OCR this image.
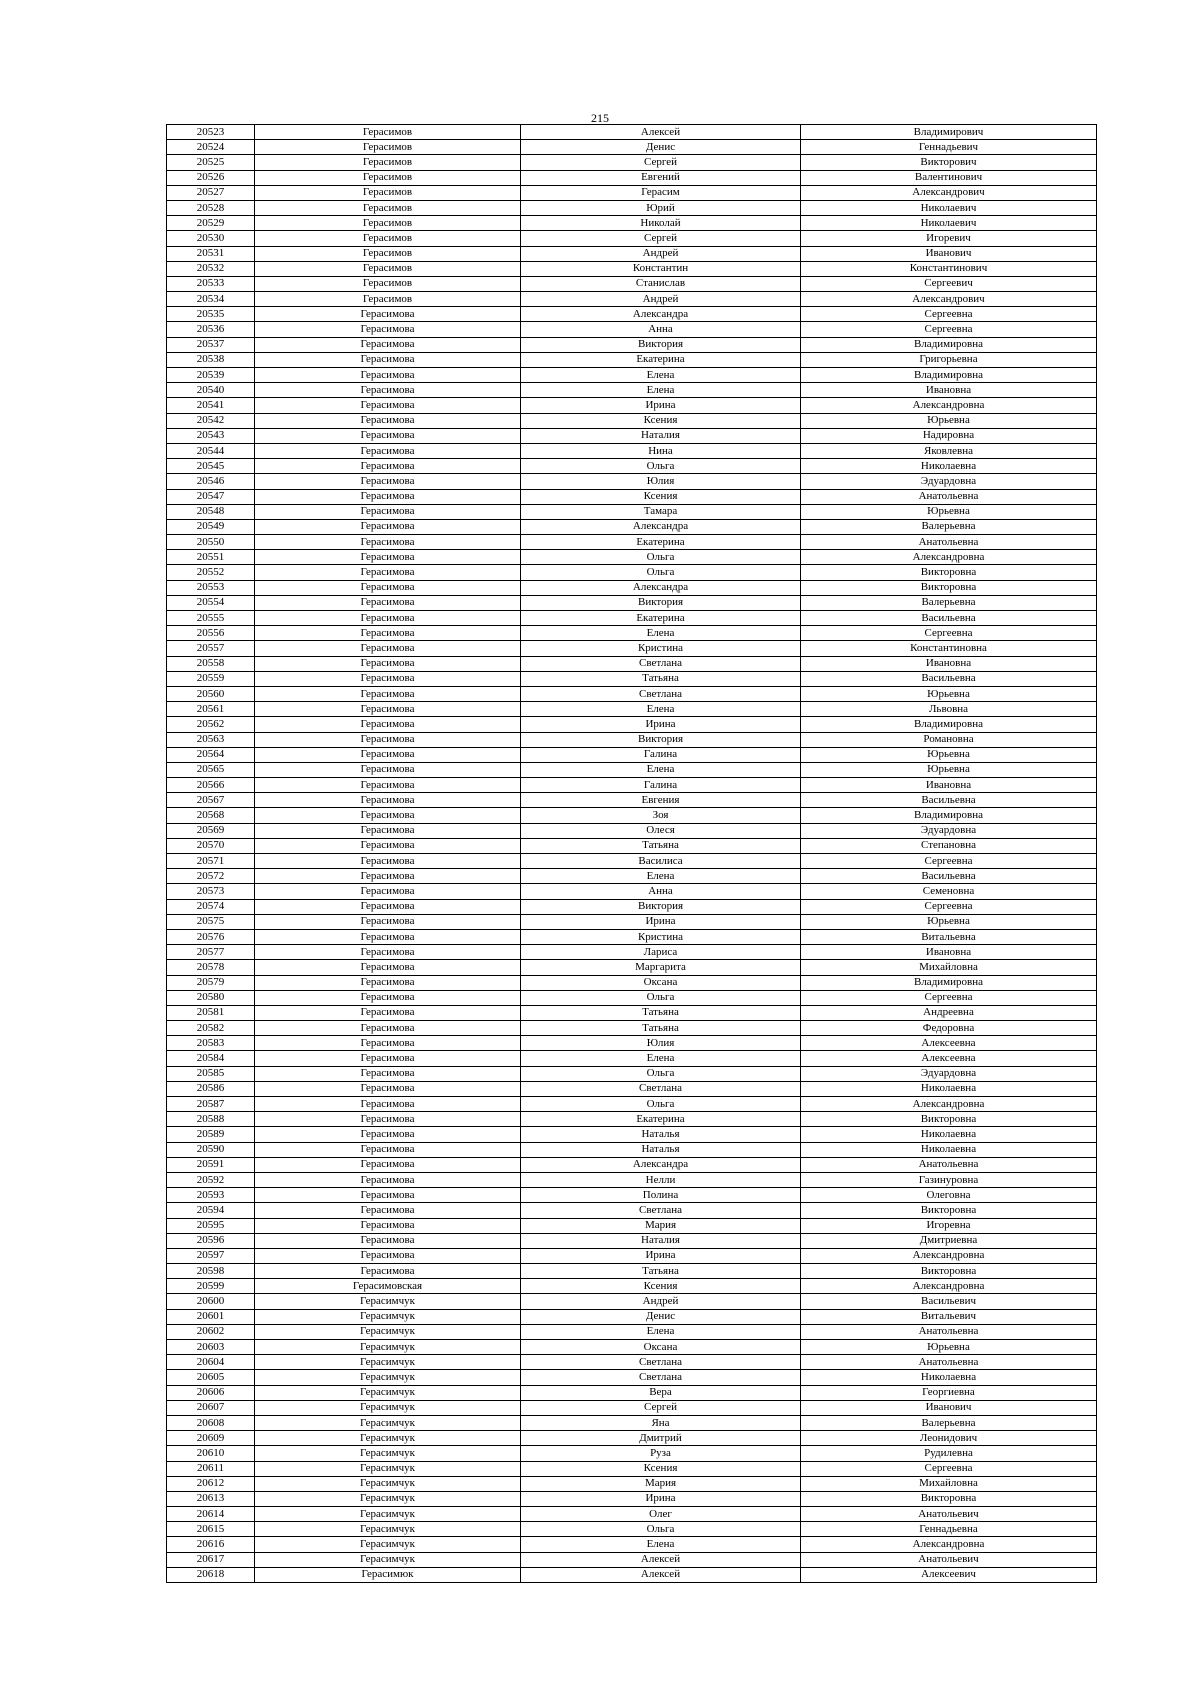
215
20523	Герасимов	Алексей	Владимирович
20524	Герасимов	Денис	Геннадьевич
20525	Герасимов	Сергей	Викторович
20526	Герасимов	Евгений	Валентинович
20527	Герасимов	Герасим	Александрович
20528	Герасимов	Юрий	Николаевич
20529	Герасимов	Николай	Николаевич
20530	Герасимов	Сергей	Игоревич
20531	Герасимов	Андрей	Иванович
20532	Герасимов	Константин	Константинович
20533	Герасимов	Станислав	Сергеевич
20534	Герасимов	Андрей	Александрович
20535	Герасимова	Александра	Сергеевна
20536	Герасимова	Анна	Сергеевна
20537	Герасимова	Виктория	Владимировна
20538	Герасимова	Екатерина	Григорьевна
20539	Герасимова	Елена	Владимировна
20540	Герасимова	Елена	Ивановна
20541	Герасимова	Ирина	Александровна
20542	Герасимова	Ксения	Юрьевна
20543	Герасимова	Наталия	Надировна
20544	Герасимова	Нина	Яковлевна
20545	Герасимова	Ольга	Николаевна
20546	Герасимова	Юлия	Эдуардовна
20547	Герасимова	Ксения	Анатольевна
20548	Герасимова	Тамара	Юрьевна
20549	Герасимова	Александра	Валерьевна
20550	Герасимова	Екатерина	Анатольевна
20551	Герасимова	Ольга	Александровна
20552	Герасимова	Ольга	Викторовна
20553	Герасимова	Александра	Викторовна
20554	Герасимова	Виктория	Валерьевна
20555	Герасимова	Екатерина	Васильевна
20556	Герасимова	Елена	Сергеевна
20557	Герасимова	Кристина	Константиновна
20558	Герасимова	Светлана	Ивановна
20559	Герасимова	Татьяна	Васильевна
20560	Герасимова	Светлана	Юрьевна
20561	Герасимова	Елена	Львовна
20562	Герасимова	Ирина	Владимировна
20563	Герасимова	Виктория	Романовна
20564	Герасимова	Галина	Юрьевна
20565	Герасимова	Елена	Юрьевна
20566	Герасимова	Галина	Ивановна
20567	Герасимова	Евгения	Васильевна
20568	Герасимова	Зоя	Владимировна
20569	Герасимова	Олеся	Эдуардовна
20570	Герасимова	Татьяна	Степановна
20571	Герасимова	Василиса	Сергеевна
20572	Герасимова	Елена	Васильевна
20573	Герасимова	Анна	Семеновна
20574	Герасимова	Виктория	Сергеевна
20575	Герасимова	Ирина	Юрьевна
20576	Герасимова	Кристина	Витальевна
20577	Герасимова	Лариса	Ивановна
20578	Герасимова	Маргарита	Михайловна
20579	Герасимова	Оксана	Владимировна
20580	Герасимова	Ольга	Сергеевна
20581	Герасимова	Татьяна	Андреевна
20582	Герасимова	Татьяна	Федоровна
20583	Герасимова	Юлия	Алексеевна
20584	Герасимова	Елена	Алексеевна
20585	Герасимова	Ольга	Эдуардовна
20586	Герасимова	Светлана	Николаевна
20587	Герасимова	Ольга	Александровна
20588	Герасимова	Екатерина	Викторовна
20589	Герасимова	Наталья	Николаевна
20590	Герасимова	Наталья	Николаевна
20591	Герасимова	Александра	Анатольевна
20592	Герасимова	Нелли	Газинуровна
20593	Герасимова	Полина	Олеговна
20594	Герасимова	Светлана	Викторовна
20595	Герасимова	Мария	Игоревна
20596	Герасимова	Наталия	Дмитриевна
20597	Герасимова	Ирина	Александровна
20598	Герасимова	Татьяна	Викторовна
20599	Герасимовская	Ксения	Александровна
20600	Герасимчук	Андрей	Васильевич
20601	Герасимчук	Денис	Витальевич
20602	Герасимчук	Елена	Анатольевна
20603	Герасимчук	Оксана	Юрьевна
20604	Герасимчук	Светлана	Анатольевна
20605	Герасимчук	Светлана	Николаевна
20606	Герасимчук	Вера	Георгиевна
20607	Герасимчук	Сергей	Иванович
20608	Герасимчук	Яна	Валерьевна
20609	Герасимчук	Дмитрий	Леонидович
20610	Герасимчук	Руза	Рудилевна
20611	Герасимчук	Ксения	Сергеевна
20612	Герасимчук	Мария	Михайловна
20613	Герасимчук	Ирина	Викторовна
20614	Герасимчук	Олег	Анатольевич
20615	Герасимчук	Ольга	Геннадьевна
20616	Герасимчук	Елена	Александровна
20617	Герасимчук	Алексей	Анатольевич
20618	Герасимюк	Алексей	Алексеевич
